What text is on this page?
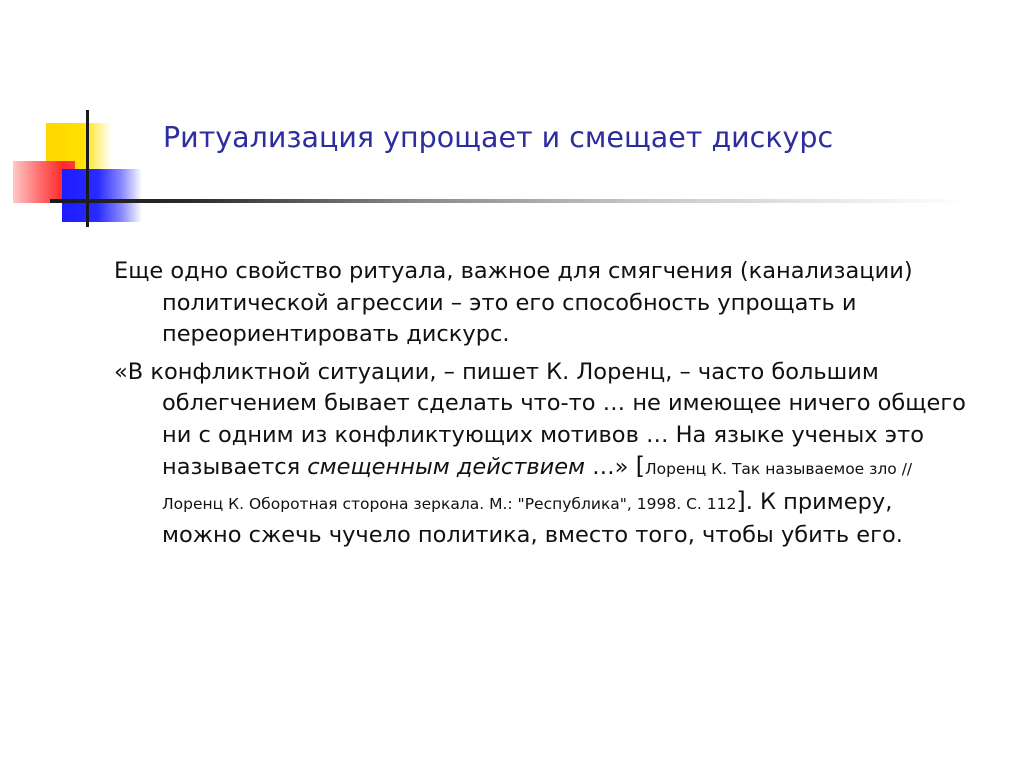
Ритуализация упрощает и смещает дискурс

Еще одно свойство ритуала, важное для смягчения (канализации) политической агрессии – это его способность упрощать и переориентировать дискурс.

«В конфликтной ситуации, – пишет К. Лоренц, – часто большим облегчением бывает сделать что-то … не имеющее ничего общего ни с одним из конфликтующих мотивов … На языке ученых это называется смещенным действием …» [Лоренц К. Так называемое зло // Лоренц К. Оборотная сторона зеркала. М.: "Республика", 1998. С. 112]. К примеру, можно сжечь чучело политика, вместо того, чтобы убить его.
